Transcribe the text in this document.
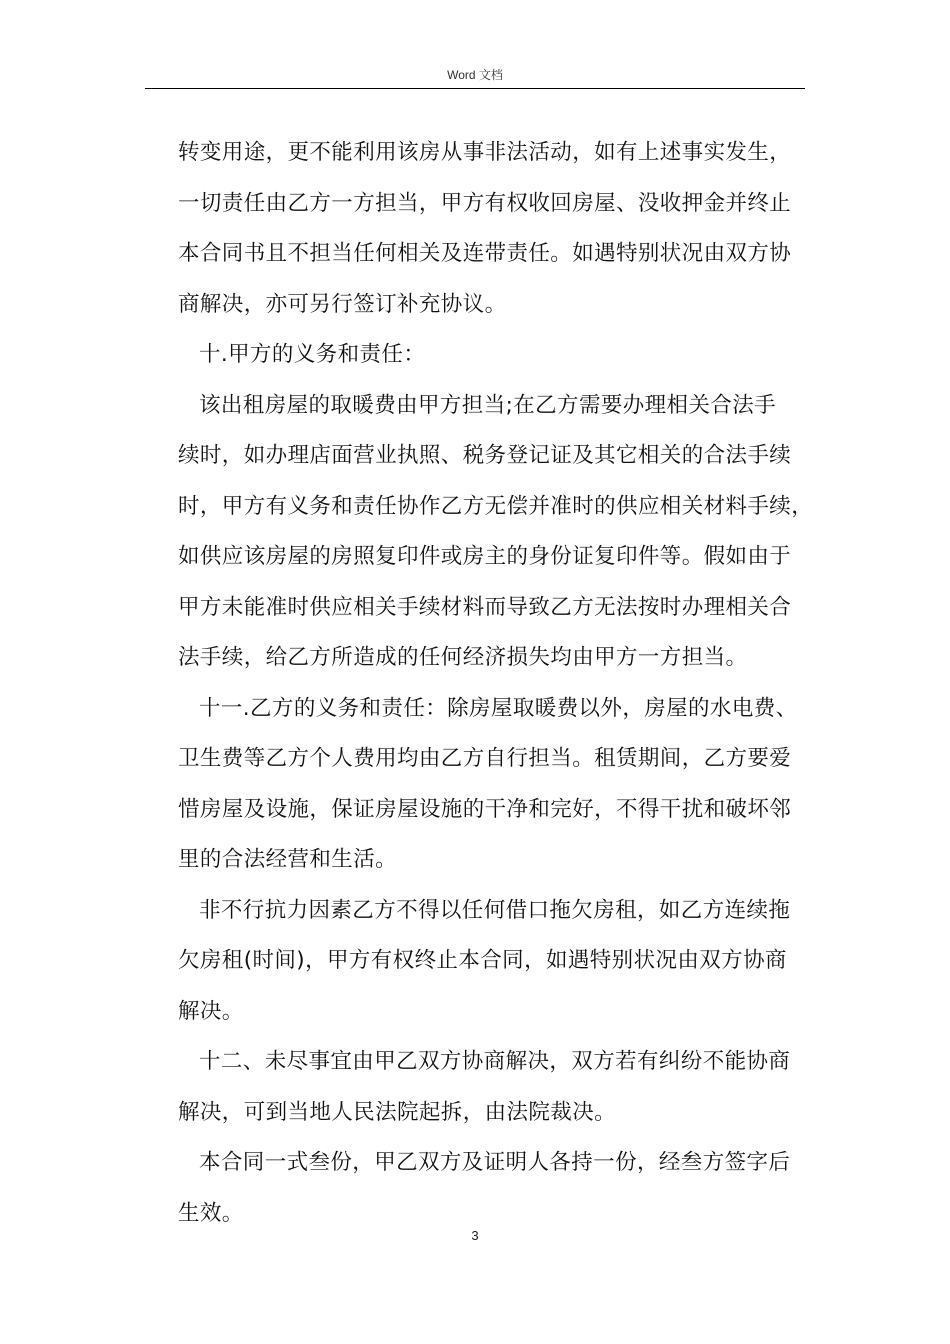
Word 文档

转变用途，更不能利用该房从事非法活动，如有上述事实发生，

一切责任由乙方一方担当，甲方有权收回房屋、没收押金并终止

本合同书且不担当任何相关及连带责任。如遇特别状况由双方协

商解决，亦可另行签订补充协议。

十.甲方的义务和责任：

该出租房屋的取暖费由甲方担当;在乙方需要办理相关合法手

续时，如办理店面营业执照、税务登记证及其它相关的合法手续

时，甲方有义务和责任协作乙方无偿并准时的供应相关材料手续，

如供应该房屋的房照复印件或房主的身份证复印件等。假如由于

甲方未能准时供应相关手续材料而导致乙方无法按时办理相关合

法手续，给乙方所造成的任何经济损失均由甲方一方担当。

十一.乙方的义务和责任：除房屋取暖费以外，房屋的水电费、

卫生费等乙方个人费用均由乙方自行担当。租赁期间，乙方要爱

惜房屋及设施，保证房屋设施的干净和完好，不得干扰和破坏邻

里的合法经营和生活。

非不行抗力因素乙方不得以任何借口拖欠房租，如乙方连续拖

欠房租(时间)，甲方有权终止本合同，如遇特别状况由双方协商

解决。

十二、未尽事宜由甲乙双方协商解决，双方若有纠纷不能协商

解决，可到当地人民法院起拆，由法院裁决。

本合同一式叁份，甲乙双方及证明人各持一份，经叁方签字后

生效。

3
